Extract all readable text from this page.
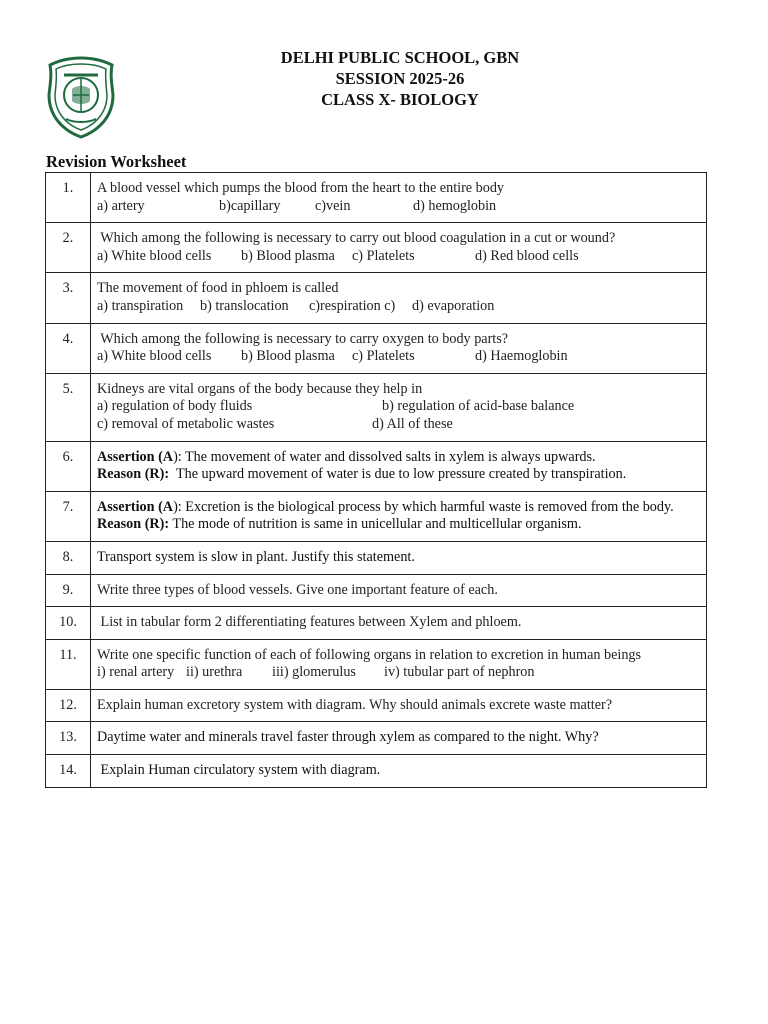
DELHI PUBLIC SCHOOL, GBN
SESSION 2025-26
CLASS X- BIOLOGY
Revision Worksheet
1.	A blood vessel which pumps the blood from the heart to the entire body
a) artery b)capillary c)vein d) hemoglobin

2.	Which among the following is necessary to carry out blood coagulation in a cut or wound?
a) White blood cells b) Blood plasma c) Platelets d) Red blood cells

3.	The movement of food in phloem is called
a) transpiration b) translocation c)respiration c) d) evaporation

4.	Which among the following is necessary to carry oxygen to body parts?
a) White blood cells b) Blood plasma c) Platelets d) Haemoglobin

5.	Kidneys are vital organs of the body because they help in
a) regulation of body fluids b) regulation of acid-base balance
c) removal of metabolic wastes d) All of these

6.	Assertion (A): The movement of water and dissolved salts in xylem is always upwards.
Reason (R):  The upward movement of water is due to low pressure created by transpiration.

7.	Assertion (A): Excretion is the biological process by which harmful waste is removed from the body.
Reason (R): The mode of nutrition is same in unicellular and multicellular organism.

8.	Transport system is slow in plant. Justify this statement.
9.	Write three types of blood vessels. Give one important feature of each.
10.	List in tabular form 2 differentiating features between Xylem and phloem.
11.	Write one specific function of each of following organs in relation to excretion in human beings
i) renal artery ii) urethra iii) glomerulus iv) tubular part of nephron

12.	Explain human excretory system with diagram. Why should animals excrete waste matter?
13.	Daytime water and minerals travel faster through xylem as compared to the night. Why?
14.	Explain Human circulatory system with diagram.
